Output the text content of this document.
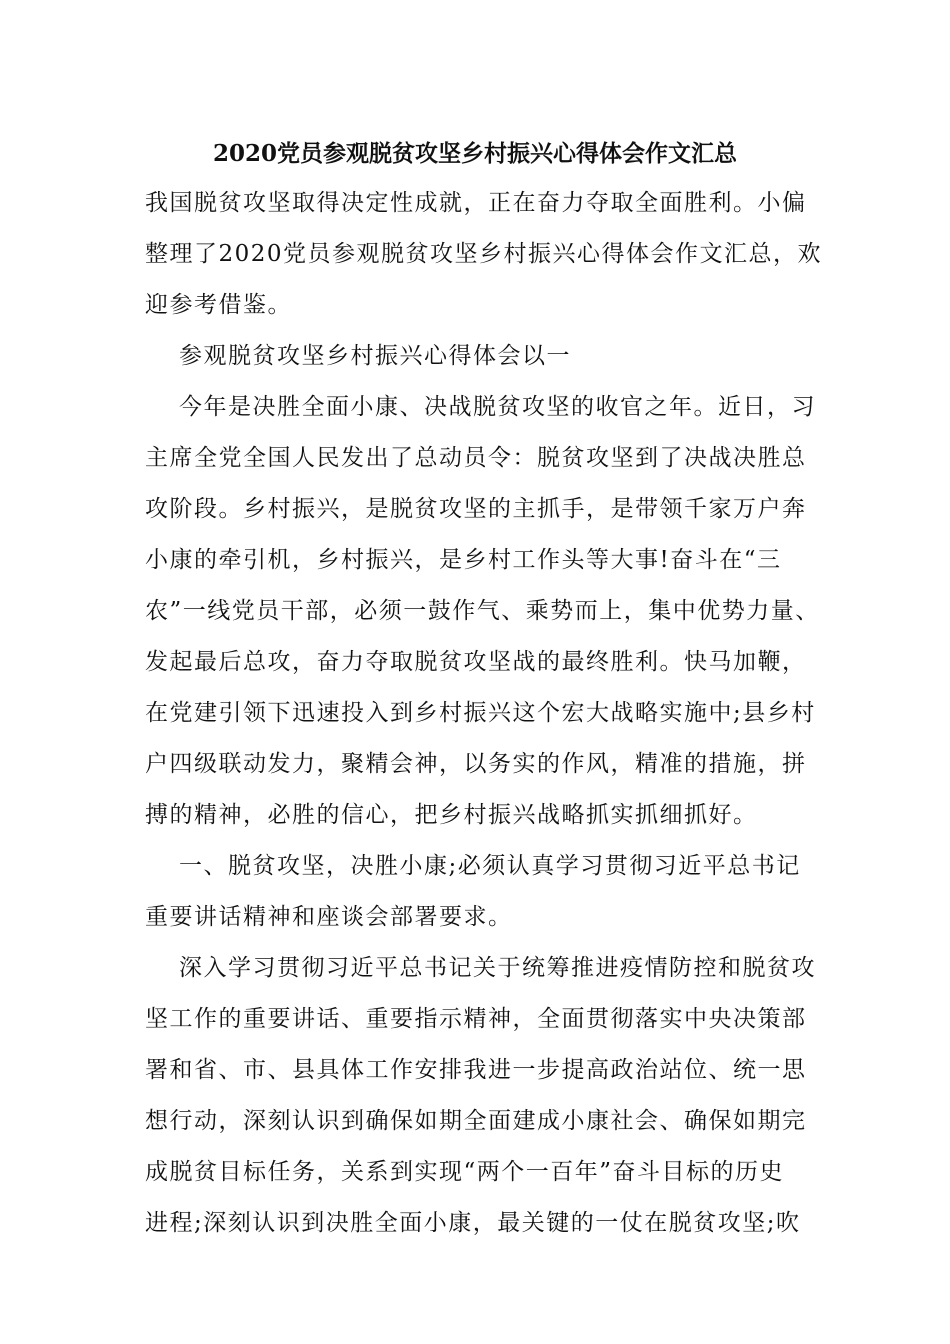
2020党员参观脱贫攻坚乡村振兴心得体会作文汇总
我国脱贫攻坚取得决定性成就，正在奋力夺取全面胜利。小偏
整理了2020党员参观脱贫攻坚乡村振兴心得体会作文汇总，欢
迎参考借鉴。
参观脱贫攻坚乡村振兴心得体会以一
今年是决胜全面小康、决战脱贫攻坚的收官之年。近日，习
主席全党全国人民发出了总动员令：脱贫攻坚到了决战决胜总
攻阶段。乡村振兴，是脱贫攻坚的主抓手，是带领千家万户奔
小康的牵引机，乡村振兴，是乡村工作头等大事!奋斗在“三
农”一线党员干部，必须一鼓作气、乘势而上，集中优势力量、
发起最后总攻，奋力夺取脱贫攻坚战的最终胜利。快马加鞭，
在党建引领下迅速投入到乡村振兴这个宏大战略实施中;县乡村
户四级联动发力，聚精会神，以务实的作风，精准的措施，拼
搏的精神，必胜的信心，把乡村振兴战略抓实抓细抓好。
一、脱贫攻坚，决胜小康;必须认真学习贯彻习近平总书记
重要讲话精神和座谈会部署要求。
深入学习贯彻习近平总书记关于统筹推进疫情防控和脱贫攻
坚工作的重要讲话、重要指示精神，全面贯彻落实中央决策部
署和省、市、县具体工作安排我进一步提高政治站位、统一思
想行动，深刻认识到确保如期全面建成小康社会、确保如期完
成脱贫目标任务，关系到实现“两个一百年”奋斗目标的历史
进程;深刻认识到决胜全面小康，最关键的一仗在脱贫攻坚;吹
